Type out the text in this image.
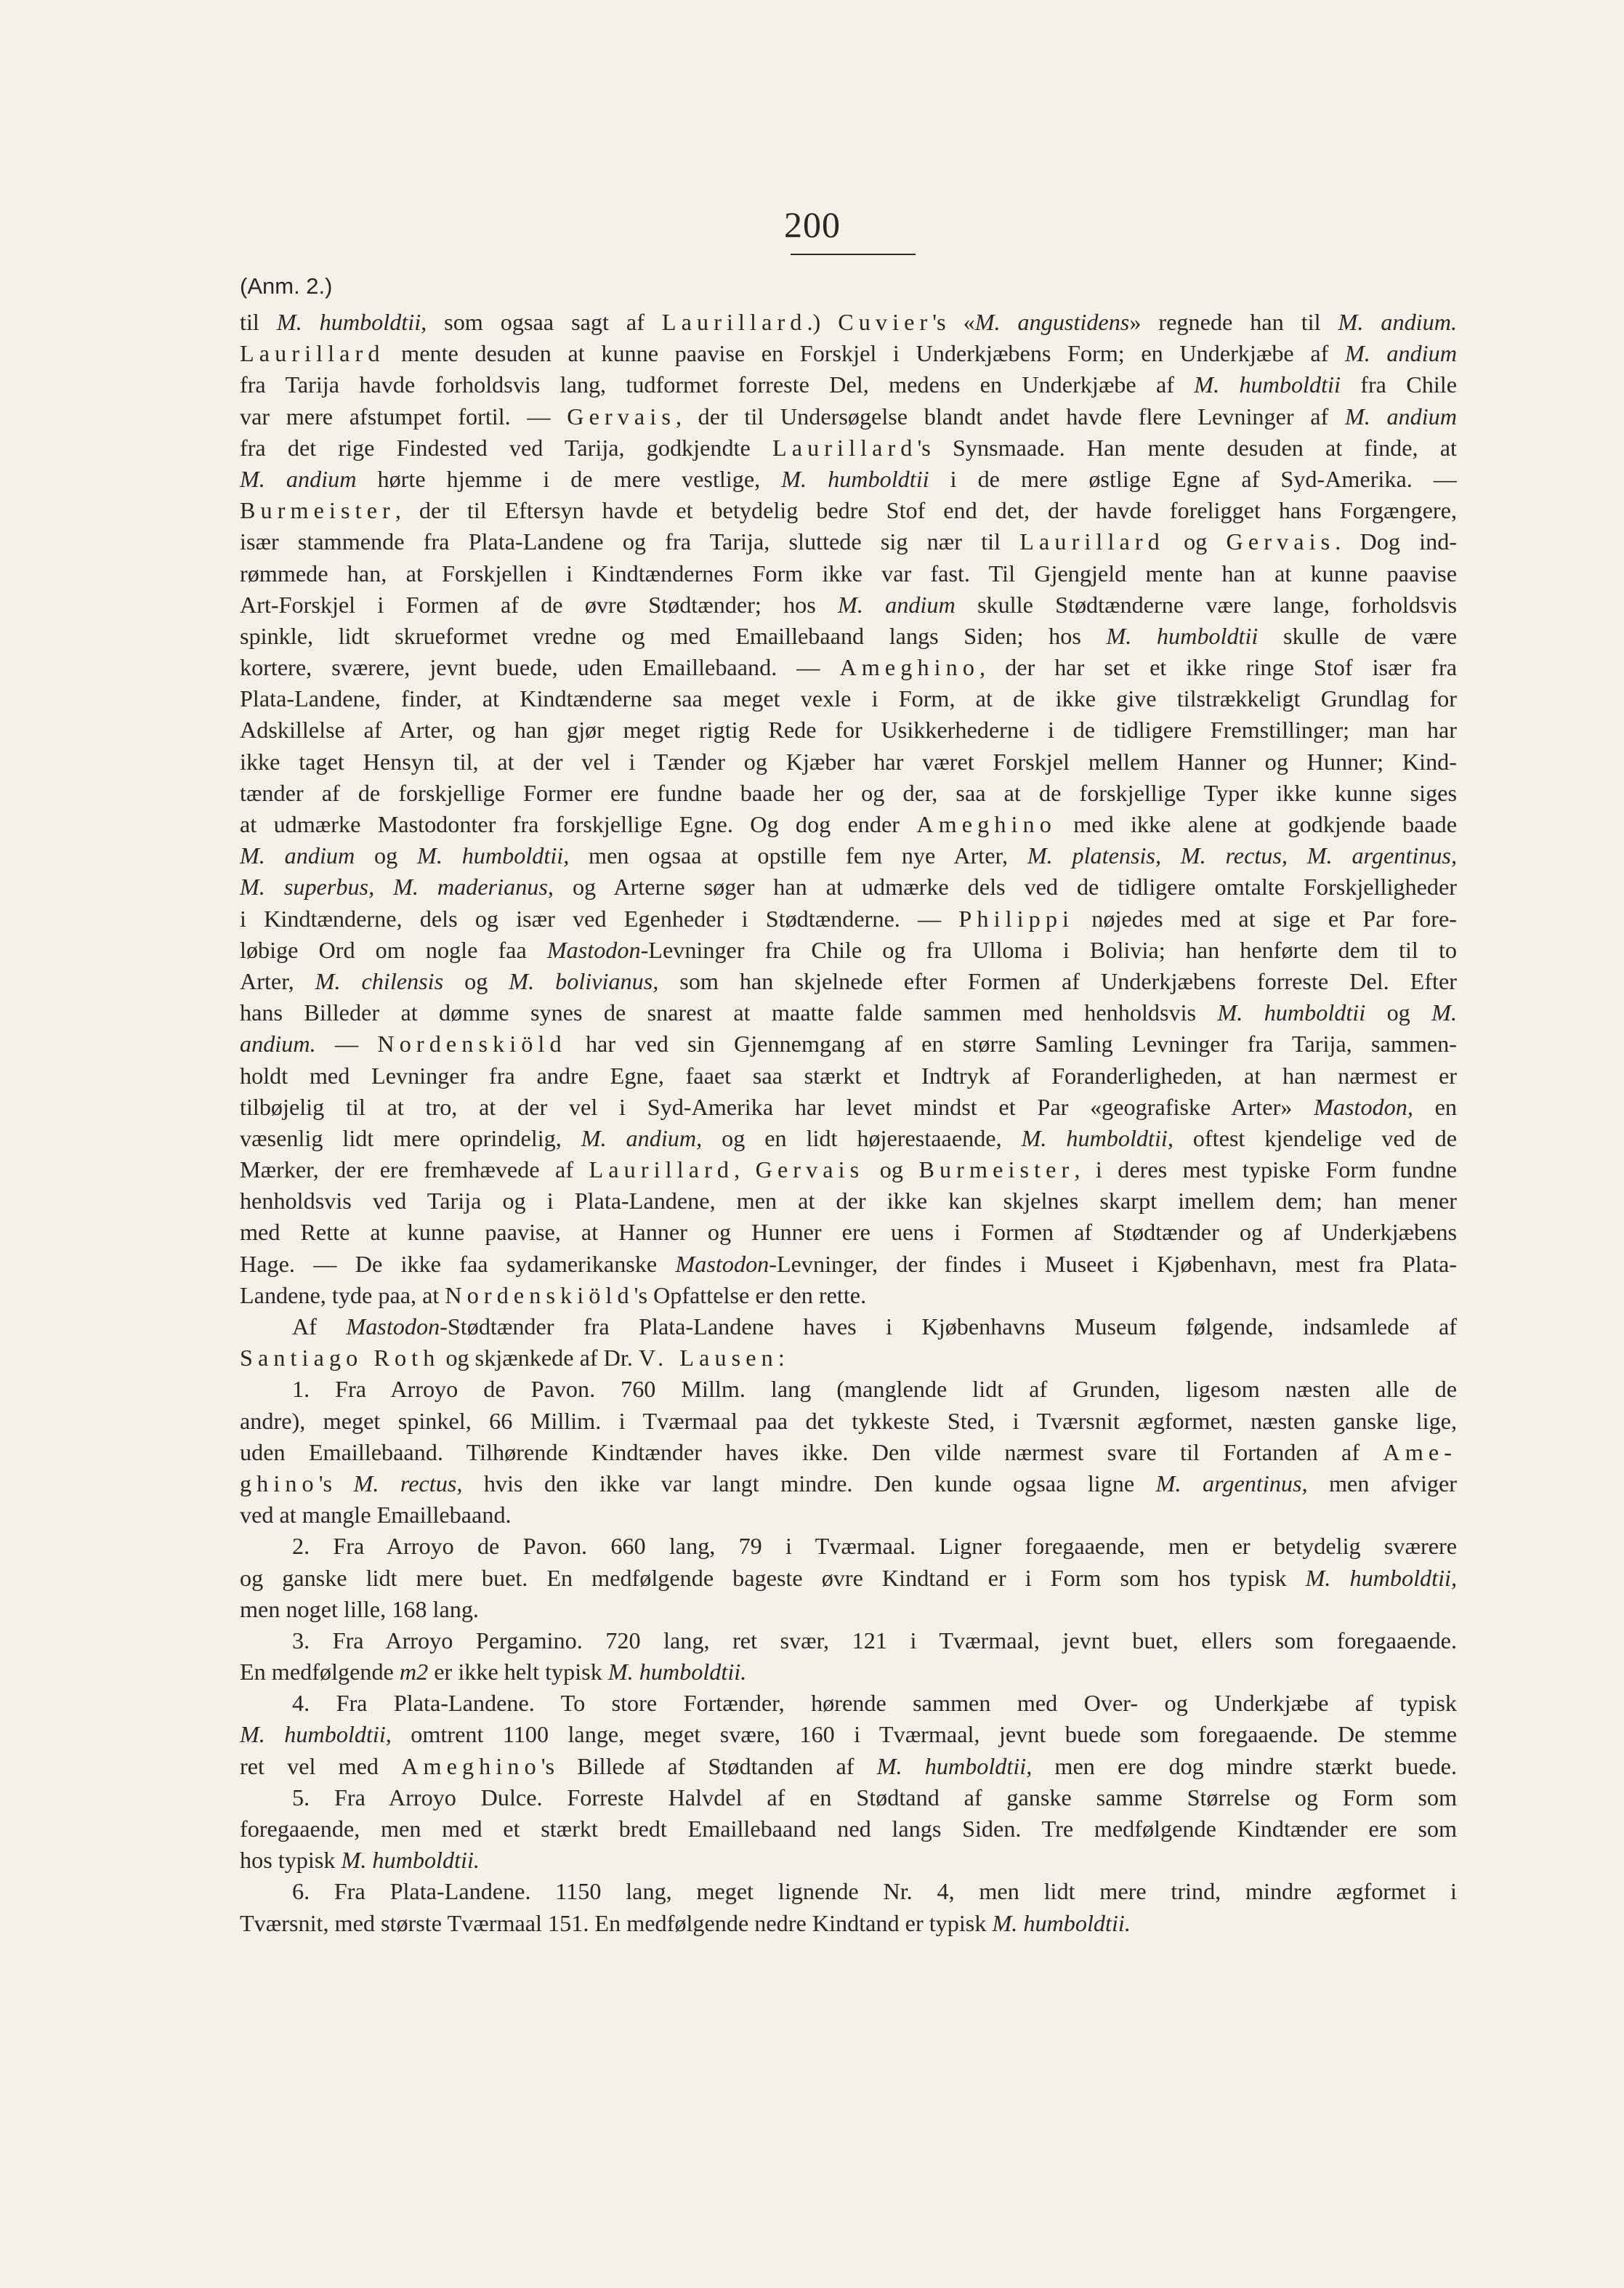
200
(Anm. 2.)
til M. humboldtii, som ogsaa sagt af Laurillard.) Cuvier's «M. angustidens» regnede han til M. andium.
Laurillard mente desuden at kunne paavise en Forskjel i Underkjæbens Form; en Underkjæbe af M. andium
fra Tarija havde forholdsvis lang, tudformet forreste Del, medens en Underkjæbe af M. humboldtii fra Chile
var mere afstumpet fortil. — Gervais, der til Undersøgelse blandt andet havde flere Levninger af M. andium
fra det rige Findested ved Tarija, godkjendte Laurillard's Synsmaade. Han mente desuden at finde, at
M. andium hørte hjemme i de mere vestlige, M. humboldtii i de mere østlige Egne af Syd-Amerika. —
Burmeister, der til Eftersyn havde et betydelig bedre Stof end det, der havde foreligget hans Forgængere,
især stammende fra Plata-Landene og fra Tarija, sluttede sig nær til Laurillard og Gervais. Dog ind-
rømmede han, at Forskjellen i Kindtændernes Form ikke var fast. Til Gjengjeld mente han at kunne paavise
Art-Forskjel i Formen af de øvre Stødtænder; hos M. andium skulle Stødtænderne være lange, forholdsvis
spinkle, lidt skrueformet vredne og med Emaillebaand langs Siden; hos M. humboldtii skulle de være
kortere, sværere, jevnt buede, uden Emaillebaand. — Ameghino, der har set et ikke ringe Stof især fra
Plata-Landene, finder, at Kindtænderne saa meget vexle i Form, at de ikke give tilstrækkeligt Grundlag for
Adskillelse af Arter, og han gjør meget rigtig Rede for Usikkerhederne i de tidligere Fremstillinger; man har
ikke taget Hensyn til, at der vel i Tænder og Kjæber har været Forskjel mellem Hanner og Hunner; Kind-
tænder af de forskjellige Former ere fundne baade her og der, saa at de forskjellige Typer ikke kunne siges
at udmærke Mastodonter fra forskjellige Egne. Og dog ender Ameghino med ikke alene at godkjende baade
M. andium og M. humboldtii, men ogsaa at opstille fem nye Arter, M. platensis, M. rectus, M. argentinus,
M. superbus, M. maderianus, og Arterne søger han at udmærke dels ved de tidligere omtalte Forskjelligheder
i Kindtænderne, dels og især ved Egenheder i Stødtænderne. — Philippi nøjedes med at sige et Par fore-
løbige Ord om nogle faa Mastodon-Levninger fra Chile og fra Ulloma i Bolivia; han henførte dem til to
Arter, M. chilensis og M. bolivianus, som han skjelnede efter Formen af Underkjæbens forreste Del. Efter
hans Billeder at dømme synes de snarest at maatte falde sammen med henholdsvis M. humboldtii og M.
andium. — Nordenskiöld har ved sin Gjennemgang af en større Samling Levninger fra Tarija, sammen-
holdt med Levninger fra andre Egne, faaet saa stærkt et Indtryk af Foranderligheden, at han nærmest er
tilbøjelig til at tro, at der vel i Syd-Amerika har levet mindst et Par «geografiske Arter» Mastodon, en
væsenlig lidt mere oprindelig, M. andium, og en lidt højerestaaende, M. humboldtii, oftest kjendelige ved de
Mærker, der ere fremhævede af Laurillard, Gervais og Burmeister, i deres mest typiske Form fundne
henholdsvis ved Tarija og i Plata-Landene, men at der ikke kan skjelnes skarpt imellem dem; han mener
med Rette at kunne paavise, at Hanner og Hunner ere uens i Formen af Stødtænder og af Underkjæbens
Hage. — De ikke faa sydamerikanske Mastodon-Levninger, der findes i Museet i Kjøbenhavn, mest fra Plata-
Landene, tyde paa, at Nordenskiöld's Opfattelse er den rette.
Af Mastodon-Stødtænder fra Plata-Landene haves i Kjøbenhavns Museum følgende, indsamlede af
Santiago Roth og skjænkede af Dr. V. Lausen:
1. Fra Arroyo de Pavon. 760 Millm. lang (manglende lidt af Grunden, ligesom næsten alle de
andre), meget spinkel, 66 Millim. i Tværmaal paa det tykkeste Sted, i Tværsnit ægformet, næsten ganske lige,
uden Emaillebaand. Tilhørende Kindtænder haves ikke. Den vilde nærmest svare til Fortanden af Ame-
ghino's M. rectus, hvis den ikke var langt mindre. Den kunde ogsaa ligne M. argentinus, men afviger
ved at mangle Emaillebaand.
2. Fra Arroyo de Pavon. 660 lang, 79 i Tværmaal. Ligner foregaaende, men er betydelig sværere
og ganske lidt mere buet. En medfølgende bageste øvre Kindtand er i Form som hos typisk M. humboldtii,
men noget lille, 168 lang.
3. Fra Arroyo Pergamino. 720 lang, ret svær, 121 i Tværmaal, jevnt buet, ellers som foregaaende.
En medfølgende m2 er ikke helt typisk M. humboldtii.
4. Fra Plata-Landene. To store Fortænder, hørende sammen med Over- og Underkjæbe af typisk
M. humboldtii, omtrent 1100 lange, meget svære, 160 i Tværmaal, jevnt buede som foregaaende. De stemme
ret vel med Ameghino's Billede af Stødtanden af M. humboldtii, men ere dog mindre stærkt buede.
5. Fra Arroyo Dulce. Forreste Halvdel af en Stødtand af ganske samme Størrelse og Form som
foregaaende, men med et stærkt bredt Emaillebaand ned langs Siden. Tre medfølgende Kindtænder ere som
hos typisk M. humboldtii.
6. Fra Plata-Landene. 1150 lang, meget lignende Nr. 4, men lidt mere trind, mindre ægformet i
Tværsnit, med største Tværmaal 151. En medfølgende nedre Kindtand er typisk M. humboldtii.
